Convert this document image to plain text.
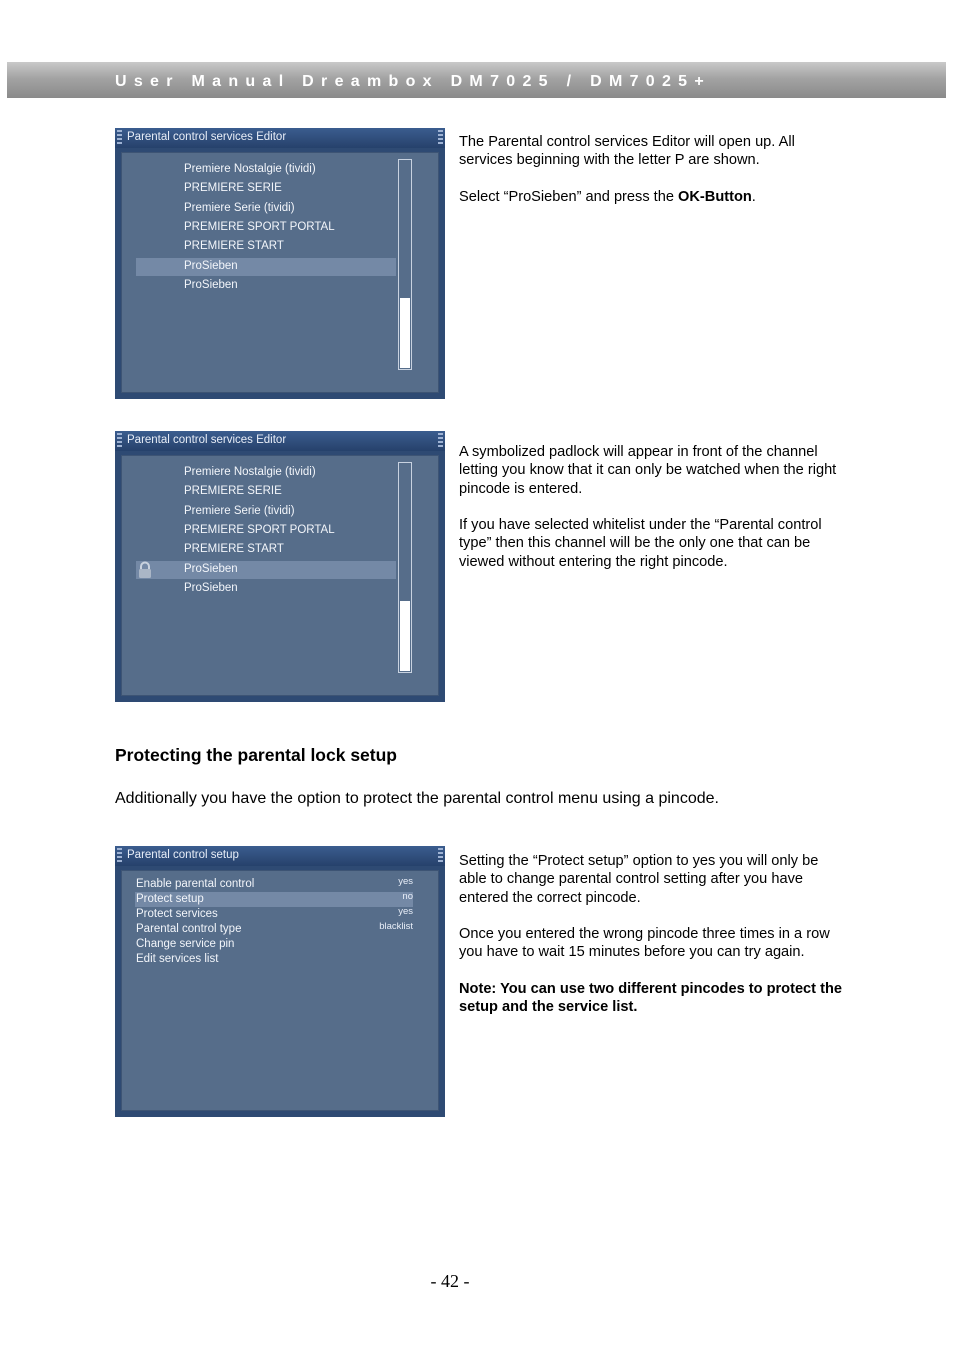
User Manual Dreambox DM7025 / DM7025+
Parental control services Editor
Premiere Nostalgie (tividi)
PREMIERE SERIE
Premiere Serie (tividi)
PREMIERE SPORT PORTAL
PREMIERE START
ProSieben
ProSieben

The Parental control services Editor will open up. All services beginning with the letter P are shown.

Select “ProSieben” and press the OK-Button.

Parental control services Editor
Premiere Nostalgie (tividi)
PREMIERE SERIE
Premiere Serie (tividi)
PREMIERE SPORT PORTAL
PREMIERE START
ProSieben
ProSieben

A symbolized padlock will appear in front of the channel letting you know that it can only be watched when the right pincode is entered.

If you have selected whitelist under the “Parental control type” then this channel will be the only one that can be viewed without entering the right pincode.

Protecting the parental lock setup
Additionally you have the option to protect the parental control menu using a pincode.
Parental control setup
Enable parental control	yes
Protect setup	no
Protect services	yes
Parental control type	blacklist
Change service pin
Edit services list

Setting the “Protect setup” option to yes you will only be able to change parental control setting after you have entered the correct pincode.

Once you entered the wrong pincode three times in a row you have to wait 15 minutes before you can try again.

Note: You can use two different pincodes to protect the setup and the service list.

- 42 -
